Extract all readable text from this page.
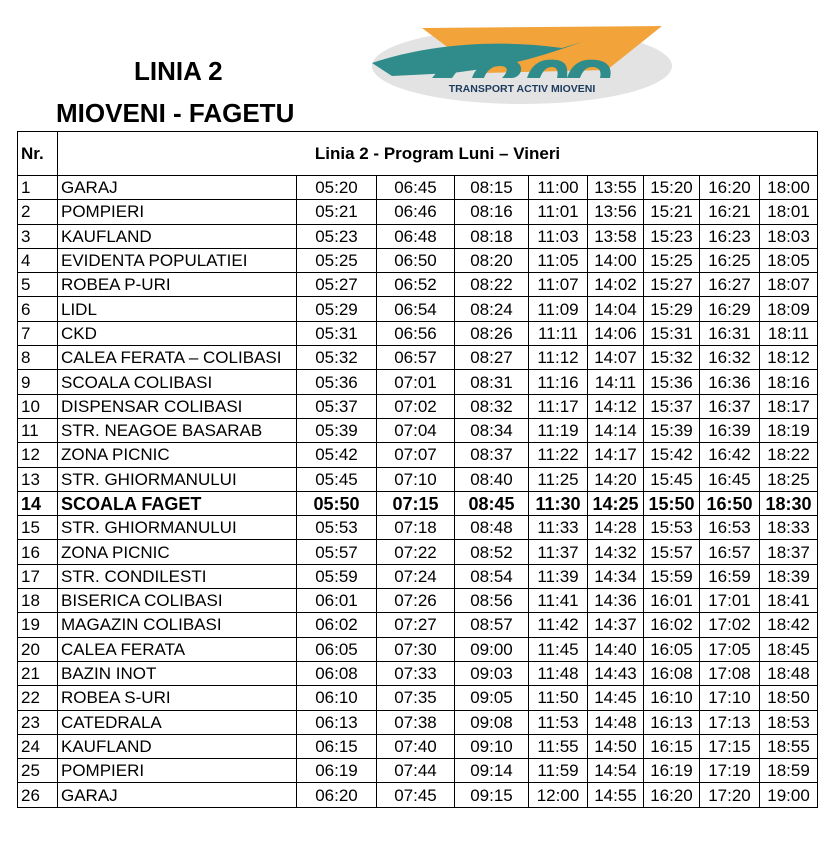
LINIA 2
MIOVENI - FAGETU
TRANSPORT ACTIV MIOVENI
Nr.	Linia 2 - Program Luni – Vineri								
1	GARAJ	05:20	06:45	08:15	11:00	13:55	15:20	16:20	18:00
2	POMPIERI	05:21	06:46	08:16	11:01	13:56	15:21	16:21	18:01
3	KAUFLAND	05:23	06:48	08:18	11:03	13:58	15:23	16:23	18:03
4	EVIDENTA POPULATIEI	05:25	06:50	08:20	11:05	14:00	15:25	16:25	18:05
5	ROBEA P-URI	05:27	06:52	08:22	11:07	14:02	15:27	16:27	18:07
6	LIDL	05:29	06:54	08:24	11:09	14:04	15:29	16:29	18:09
7	CKD	05:31	06:56	08:26	11:11	14:06	15:31	16:31	18:11
8	CALEA FERATA – COLIBASI	05:32	06:57	08:27	11:12	14:07	15:32	16:32	18:12
9	SCOALA COLIBASI	05:36	07:01	08:31	11:16	14:11	15:36	16:36	18:16
10	DISPENSAR COLIBASI	05:37	07:02	08:32	11:17	14:12	15:37	16:37	18:17
11	STR. NEAGOE BASARAB	05:39	07:04	08:34	11:19	14:14	15:39	16:39	18:19
12	ZONA PICNIC	05:42	07:07	08:37	11:22	14:17	15:42	16:42	18:22
13	STR. GHIORMANULUI	05:45	07:10	08:40	11:25	14:20	15:45	16:45	18:25
14	SCOALA FAGET	05:50	07:15	08:45	11:30	14:25	15:50	16:50	18:30
15	STR. GHIORMANULUI	05:53	07:18	08:48	11:33	14:28	15:53	16:53	18:33
16	ZONA PICNIC	05:57	07:22	08:52	11:37	14:32	15:57	16:57	18:37
17	STR. CONDILESTI	05:59	07:24	08:54	11:39	14:34	15:59	16:59	18:39
18	BISERICA COLIBASI	06:01	07:26	08:56	11:41	14:36	16:01	17:01	18:41
19	MAGAZIN COLIBASI	06:02	07:27	08:57	11:42	14:37	16:02	17:02	18:42
20	CALEA FERATA	06:05	07:30	09:00	11:45	14:40	16:05	17:05	18:45
21	BAZIN INOT	06:08	07:33	09:03	11:48	14:43	16:08	17:08	18:48
22	ROBEA S-URI	06:10	07:35	09:05	11:50	14:45	16:10	17:10	18:50
23	CATEDRALA	06:13	07:38	09:08	11:53	14:48	16:13	17:13	18:53
24	KAUFLAND	06:15	07:40	09:10	11:55	14:50	16:15	17:15	18:55
25	POMPIERI	06:19	07:44	09:14	11:59	14:54	16:19	17:19	18:59
26	GARAJ	06:20	07:45	09:15	12:00	14:55	16:20	17:20	19:00
